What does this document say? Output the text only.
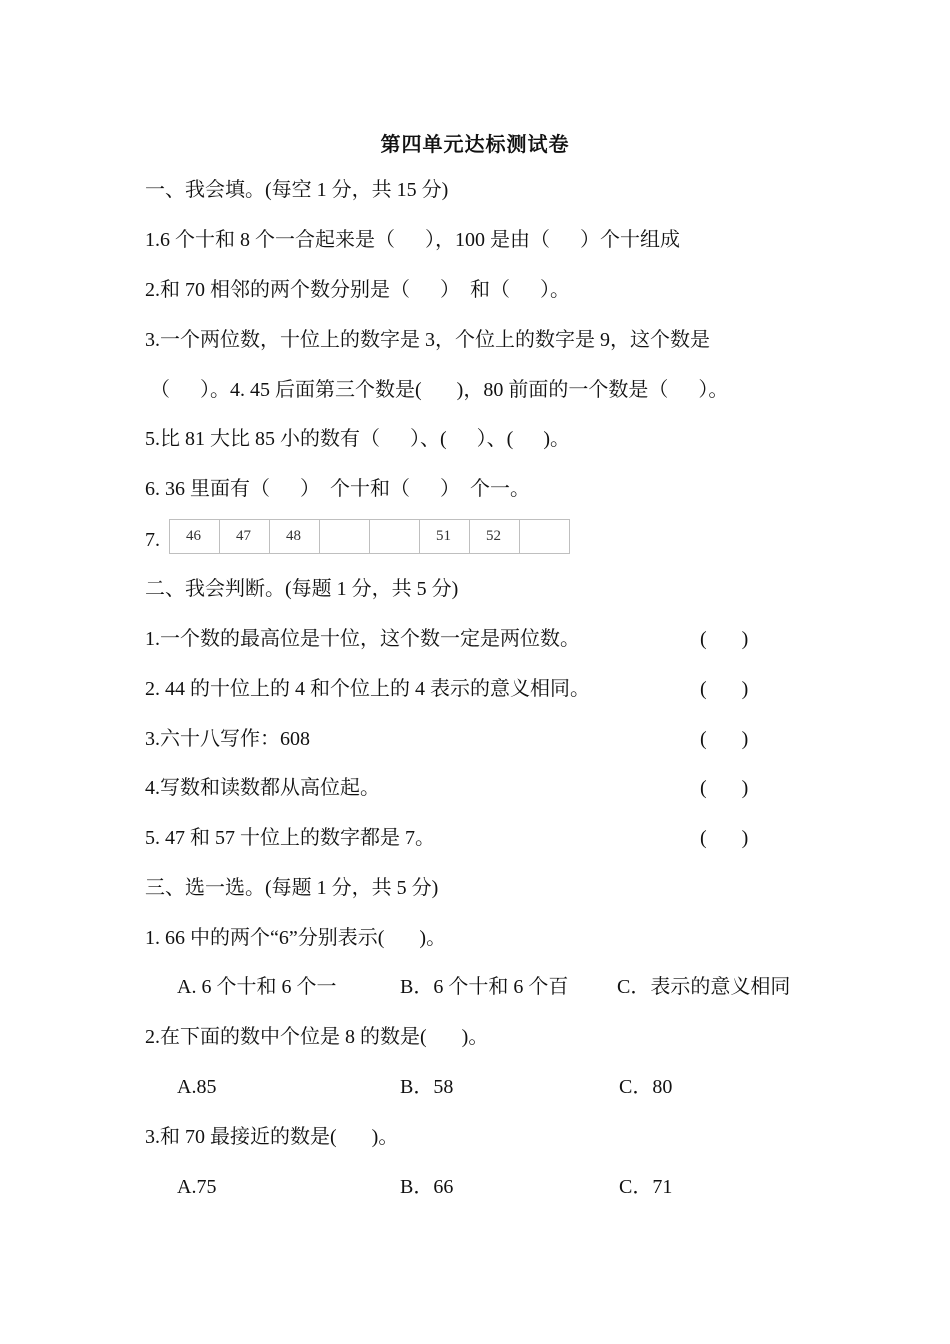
第四单元达标测试卷
一、我会填。(每空 1 分，共 15 分)
1.6 个十和 8 个一合起来是（      ），100 是由（      ）个十组成
2.和 70 相邻的两个数分别是（      ）  和（      ）。
3.一个两位数，十位上的数字是 3，个位上的数字是 9，这个数是
（      ）。4. 45 后面第三个数是(       )，80 前面的一个数是（      ）。
5.比 81 大比 85 小的数有（      ）、(      ）、(      )。
6. 36 里面有（      ）  个十和（      ）  个一。
7. 46	47	48			51	52	
二、我会判断。(每题 1 分，共 5 分)
1.一个数的最高位是十位，这个数一定是两位数。	(       )
2. 44 的十位上的 4 和个位上的 4 表示的意义相同。	(       )
3.六十八写作：608	(       )
4.写数和读数都从高位起。	(       )
5. 47 和 57 十位上的数字都是 7。	(       )
三、选一选。(每题 1 分，共 5 分)
1. 66 中的两个“6”分别表示(       )。
A. 6 个十和 6 个一	B．6 个十和 6 个百 C．表示的意义相同
2.在下面的数中个位是 8 的数是(       )。
A.85	B．58	C．80
3.和 70 最接近的数是(       )。
A.75	B．66	C．71
